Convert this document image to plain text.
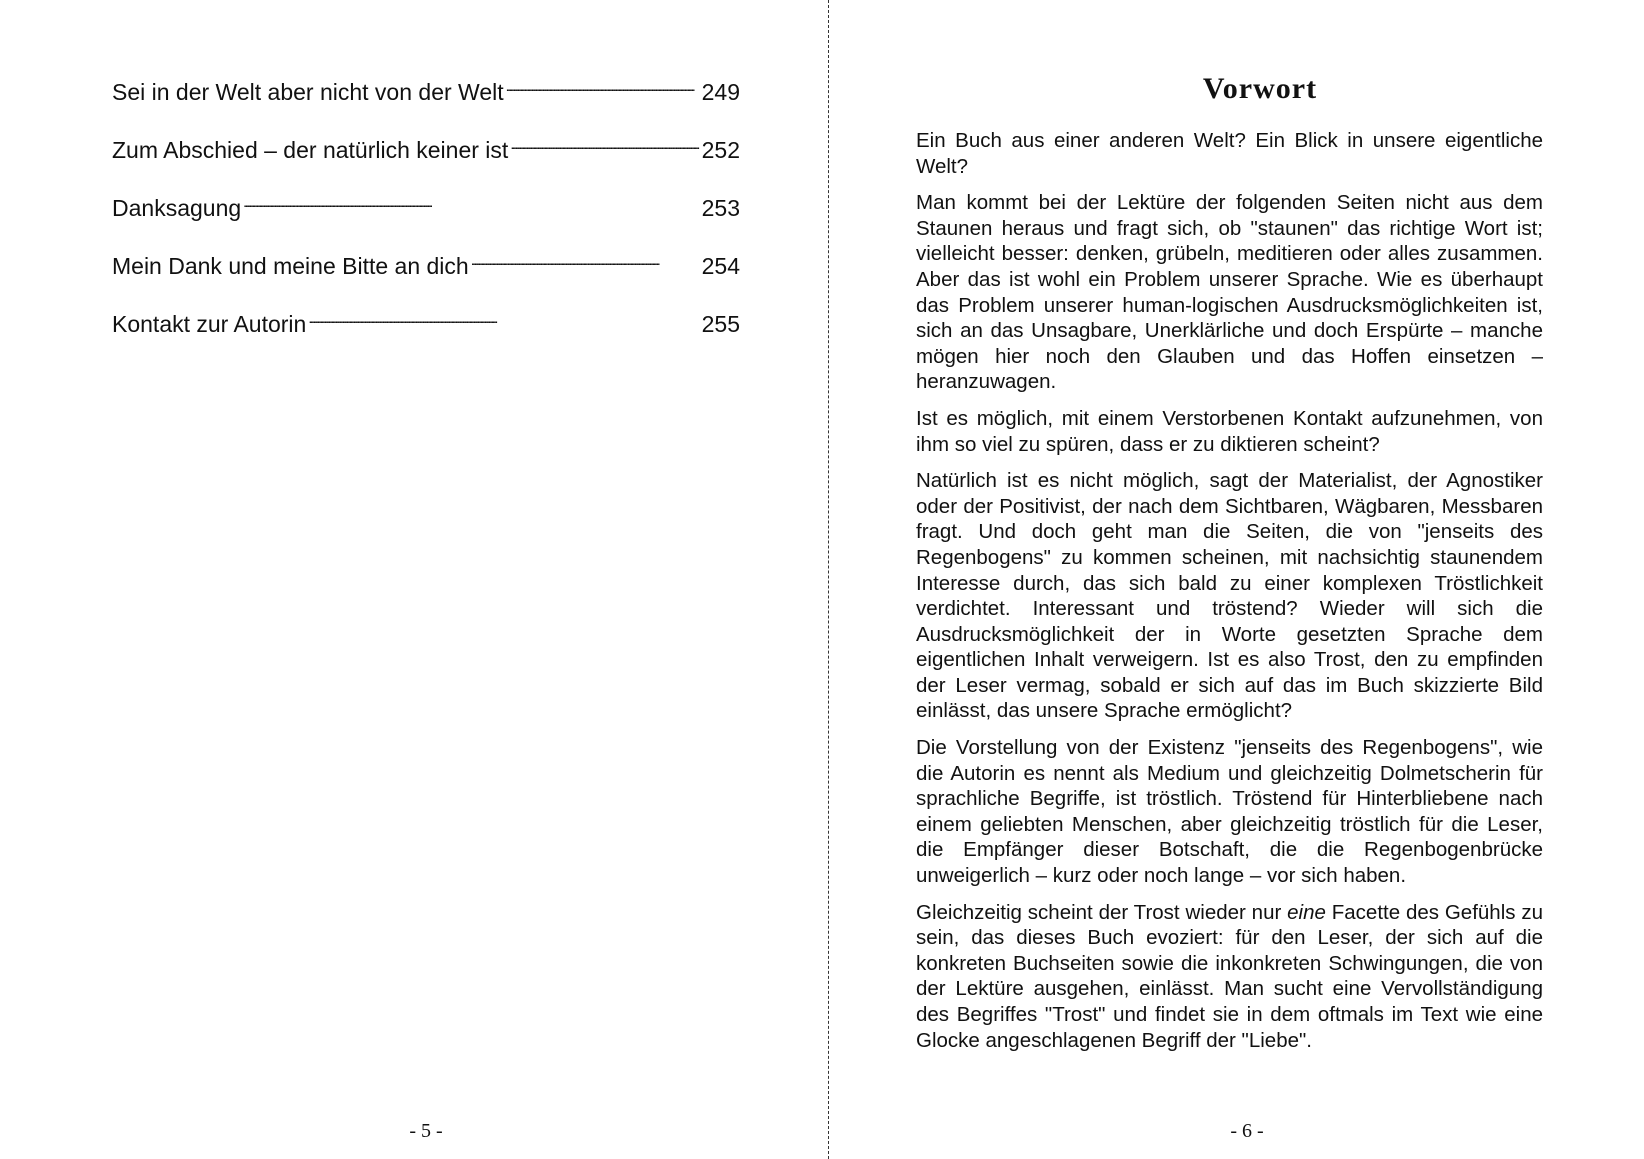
Sei in der Welt aber nicht von der Welt . . .	249
Zum Abschied – der natürlich keiner ist . . .	252
Danksagung . . .	253
Mein Dank und meine Bitte an dich . . .	254
Kontakt zur Autorin . . .	255
- 5 -
Vorwort

Ein Buch aus einer anderen Welt? Ein Blick in unsere eigentliche Welt?

Man kommt bei der Lektüre der folgenden Seiten nicht aus dem Staunen heraus und fragt sich, ob "staunen" das richtige Wort ist; vielleicht besser: denken, grübeln, meditieren oder alles zusammen. Aber das ist wohl ein Problem unserer Sprache. Wie es überhaupt das Problem unserer human-logischen Ausdrucksmöglichkeiten ist, sich an das Unsagbare, Unerklärliche und doch Erspürte – manche mögen hier noch den Glauben und das Hoffen einsetzen – heranzuwagen.

Ist es möglich, mit einem Verstorbenen Kontakt aufzunehmen, von ihm so viel zu spüren, dass er zu diktieren scheint?

Natürlich ist es nicht möglich, sagt der Materialist, der Agnostiker oder der Positivist, der nach dem Sichtbaren, Wägbaren, Messbaren fragt. Und doch geht man die Seiten, die von "jenseits des Regenbogens" zu kommen scheinen, mit nachsichtig staunendem Interesse durch, das sich bald zu einer komplexen Tröstlichkeit verdichtet. Interessant und tröstend? Wieder will sich die Ausdrucksmöglichkeit der in Worte gesetzten Sprache dem eigentlichen Inhalt verweigern. Ist es also Trost, den zu empfinden der Leser vermag, sobald er sich auf das im Buch skizzierte Bild einlässt, das unsere Sprache ermöglicht?

Die Vorstellung von der Existenz "jenseits des Regenbogens", wie die Autorin es nennt als Medium und gleichzeitig Dolmetscherin für sprachliche Begriffe, ist tröstlich. Tröstend für Hinterbliebene nach einem geliebten Menschen, aber gleichzeitig tröstlich für die Leser, die Empfänger dieser Botschaft, die die Regenbogenbrücke unweigerlich – kurz oder noch lange – vor sich haben.

Gleichzeitig scheint der Trost wieder nur eine Facette des Gefühls zu sein, das dieses Buch evoziert: für den Leser, der sich auf die konkreten Buchseiten sowie die inkonkreten Schwingungen, die von der Lektüre ausgehen, einlässt. Man sucht eine Vervollständigung des Begriffes "Trost" und findet sie in dem oftmals im Text wie eine Glocke angeschlagenen Begriff der "Liebe".

- 6 -
